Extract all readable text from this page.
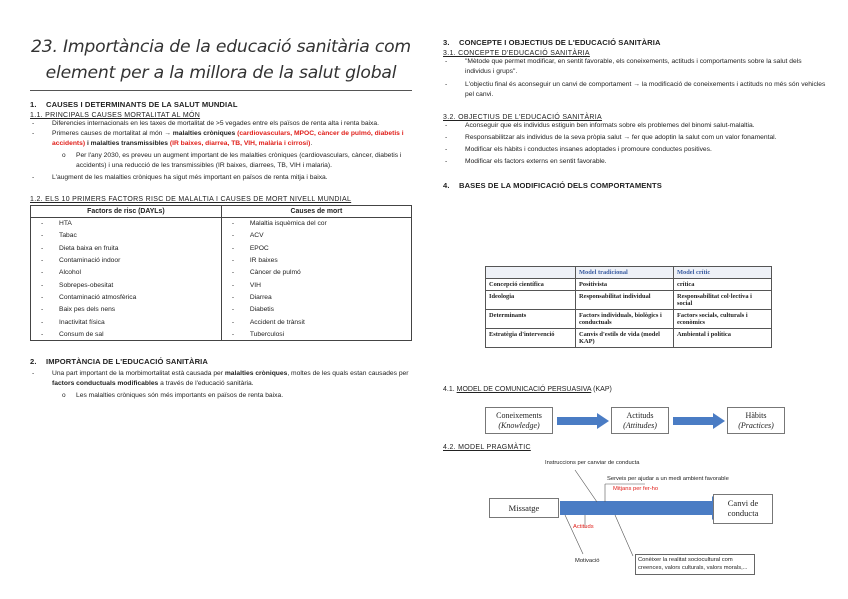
23. Importància de la educació sanitària com
element per a la millora de la salut global
1. CAUSES I DETERMINANTS DE LA SALUT MUNDIAL
1.1. PRINCIPALS CAUSES MORTALITAT AL MÓN
- Diferencies internacionals en les taxes de mortalitat de >5 vegades entre els països de renta alta i renta baixa.
- Primeres causes de mortalitat al món → malalties cròniques (cardiovasculars, MPOC, càncer de pulmó, diabetis i accidents) i malalties transmissibles (IR baixes, diarrea, TB, VIH, malària i cirrosi).
o Per l'any 2030, es preveu un augment important de les malalties cròniques (cardiovasculars, càncer, diabetis i accidents) i una reducció de les transmissibles (IR baixes, diarrees, TB, VIH i malaria).
- L'augment de les malalties cròniques ha sigut més important en països de renta mitja i baixa.
1.2. ELS 10 PRIMERS FACTORS RISC DE MALALTIA I CAUSES DE MORT NIVELL MUNDIAL
Factors de risc (DAYLs)	Causes de mort
- HTA	- Malaltia isquèmica del cor
- Tabac	- ACV
- Dieta baixa en fruita	- EPOC
- Contaminació indoor	- IR baixes
- Alcohol	- Càncer de pulmó
- Sobrepes-obesitat	- VIH
- Contaminació atmosfèrica	- Diarrea
- Baix pes dels nens	- Diabetis
- Inactivitat física	- Accident de trànsit
- Consum de sal	- Tuberculosi
2. IMPORTÀNCIA DE L'EDUCACIÓ SANITÀRIA
- Una part important de la morbimortalitat està causada per malalties cròniques, moltes de les quals estan causades per factors conductuals modificables a través de l'educació sanitària.
o Les malalties cròniques són més importants en països de renta baixa.
3. CONCEPTE I OBJECTIUS DE L'EDUCACIÓ SANITÀRIA
3.1. CONCEPTE D'EDUCACIÓ SANITÀRIA
- "Mètode que permet modificar, en sentit favorable, els coneixements, actituds i comportaments sobre la salut dels individus i grups".
- L'objectiu final és aconseguir un canvi de comportament → la modificació de coneixements i actituds no més són vehicles pel canvi.
3.2. OBJECTIUS DE L'EDUCACIÓ SANITÀRIA
- Aconseguir que els individus estiguin ben informats sobre els problemes del binomi salut-malaltia.
- Responsabilitzar als individus de la seva pròpia salut → fer que adoptin la salut com un valor fonamental.
- Modificar els hàbits i conductes insanes adoptades i promoure conductes positives.
- Modificar els factors externs en sentit favorable.
4. BASES DE LA MODIFICACIÓ DELS COMPORTAMENTS
	Model tradicional	Model crític
Concepció científica	Positivista	crítica
Ideologia	Responsabilitat individual	Responsabilitat col·lectiva i social
Determinants	Factors individuals, biològics i conductuals	Factors socials, culturals i econòmics
Estratègia d'intervenció	Canvis d'estils de vida (model KAP)	Ambiental i política
4.1. MODEL DE COMUNICACIÓ PERSUASIVA (KAP)
Coneixements
(Knowledge)
Actituds
(Attitudes)
Hàbits
(Practices)
4.2. MODEL PRAGMÀTIC
Instruccions per canviar de conducta
Serveis per ajudar a un medi ambient favorable
Mitjans per fer-ho
Missatge	Canvi de conducta
Actituds
Motivació	Conèixer la realitat sociocultural com creences, valors culturals, valors morals,...
